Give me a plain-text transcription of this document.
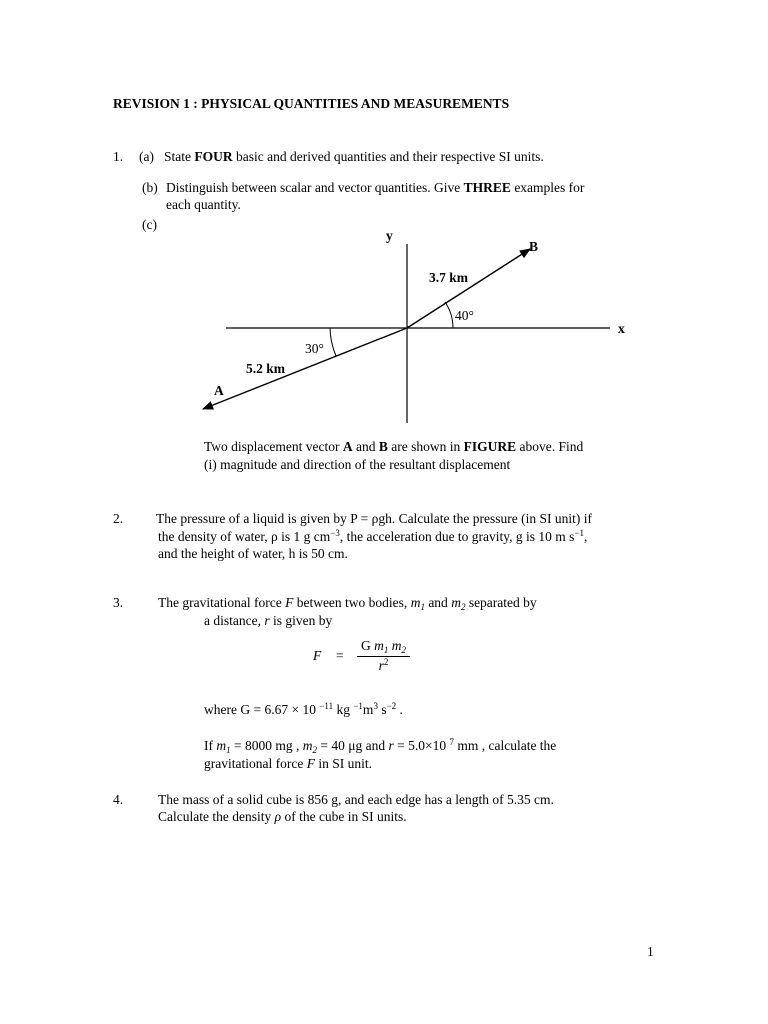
REVISION 1 : PHYSICAL QUANTITIES AND MEASUREMENTS
1. (a) State FOUR basic and derived quantities and their respective SI units.
(b) Distinguish between scalar and vector quantities. Give THREE examples for
each quantity.
(c)
y
x
B
A
3.7 km
5.2 km
40°
30°
Two displacement vector A and B are shown in FIGURE above. Find
(i) magnitude and direction of the resultant displacement
2. The pressure of a liquid is given by P = ρgh. Calculate the pressure (in SI unit) if
the density of water, ρ is 1 g $cm^{-3}$, the acceleration due to gravity, g is 10 m $s^{-1}$,
and the height of water, h is 50 cm.
3.	The gravitational force F between two bodies, $m_1$ and $m_2$ separated by
a distance, r is given by
$F = \frac{G m_1 m_2}{r^2}$
where G = 6.67 × 10 $^{-11}$ kg $^{-1}m^3$ $s^{-2}$ .
If $m_1 = 8000$ mg , $m_2 = 40$ μg and r = 5.0×10 $^7$ mm , calculate the
gravitational force F in SI unit.
4.	The mass of a solid cube is 856 g, and each edge has a length of 5.35 cm.
Calculate the density ρ of the cube in SI units.
1
